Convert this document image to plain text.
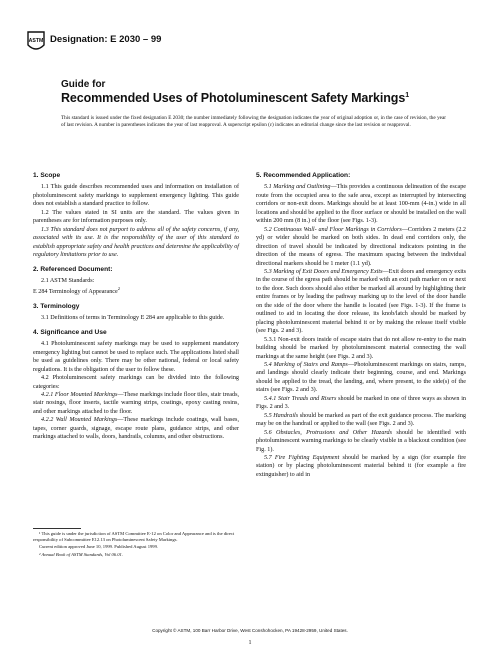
ASTM Designation: E 2030 – 99
Guide for
Recommended Uses of Photoluminescent Safety Markings$^1$
This standard is issued under the fixed designation E 2030; the number immediately following the designation indicates the year of original adoption or, in the case of revision, the year of last revision. A number in parentheses indicates the year of last reapproval. A superscript epsilon (ε) indicates an editorial change since the last revision or reapproval.
1. Scope

1.1 This guide describes recommended uses and information on installation of photoluminescent safety markings to supplement emergency lighting. This guide does not establish a standard practice to follow.

1.2 The values stated in SI units are the standard. The values given in parentheses are for information purposes only.

1.3 This standard does not purport to address all of the safety concerns, if any, associated with its use. It is the responsibility of the user of this standard to establish appropriate safety and health practices and determine the applicability of regulatory limitations prior to use.

2. Referenced Document:

2.1 ASTM Standards:

E 284 Terminology of Appearance$^2$

3. Terminology

3.1 Definitions of terms in Terminology E 284 are applicable to this guide.

4. Significance and Use

4.1 Photoluminescent safety markings may be used to supplement mandatory emergency lighting but cannot be used to replace such. The applications listed shall be used as guidelines only. There may be other national, federal or local safety regulations. It is the obligation of the user to follow these.

4.2 Photoluminescent safety markings can be divided into the following categories:

4.2.1 Floor Mounted Markings—These markings include floor tiles, stair treads, stair nosings, floor inserts, tactile warning strips, coatings, epoxy casting resins, and other markings attached to the floor.

4.2.2 Wall Mounted Markings—These markings include coatings, wall bases, tapes, corner guards, signage, escape route plans, guidance strips, and other markings attached to walls, doors, handrails, columns, and other obstructions.

¹ This guide is under the jurisdiction of ASTM Committee E-12 on Color and Appearance and is the direct responsibility of Subcommittee E12.13 on Photoluminescent Safety Markings.

Current edition approved June 10, 1999. Published August 1999.

² Annual Book of ASTM Standards, Vol 06.01.

5. Recommended Application:

5.1 Marking and Outlining—This provides a continuous delineation of the escape route from the occupied area to the safe area, except as interrupted by intersecting corridors or non-exit doors. Markings should be at least 100-mm (4-in.) wide in all locations and should be applied to the floor surface or should be installed on the wall within 200 mm (8 in.) of the floor (see Figs. 1-3).

5.2 Continuous Wall- and Floor Markings in Corridors—Corridors 2 meters (2.2 yd) or wider should be marked on both sides. In dead end corridors only, the direction of travel should be indicated by directional indicators pointing in the direction of the means of egress. The maximum spacing between the individual directional markers should be 1 meter (1.1 yd).

5.3 Marking of Exit Doors and Emergency Exits—Exit doors and emergency exits in the course of the egress path should be marked with an exit path marker on or next to the door. Such doors should also either be marked all around by highlighting their entire frames or by leading the pathway marking up to the level of the door handle on the side of the door where the handle is located (see Figs. 1-3). If the frame is outlined to aid in locating the door release, its knob/latch should be marked by placing photoluminescent material behind it or by making the release itself visible (see Figs. 2 and 3).

5.3.1 Non-exit doors inside of escape stairs that do not allow re-entry to the main building should be marked by photoluminescent material connecting the wall markings at the same height (see Figs. 2 and 3).

5.4 Marking of Stairs and Ramps—Photoluminescent markings on stairs, ramps, and landings should clearly indicate their beginning, course, and end. Markings should be applied to the tread, the landing, and, where present, to the side(s) of the stairs (see Figs. 2 and 3).

5.4.1 Stair Treads and Risers should be marked in one of three ways as shown in Figs. 2 and 3.

5.5 Handrails should be marked as part of the exit guidance process. The marking may be on the handrail or applied to the wall (see Figs. 2 and 3).

5.6 Obstacles, Protrusions and Other Hazards should be identified with photoluminescent warning markings to be clearly visible in a blackout condition (see Fig. 1).

5.7 Fire Fighting Equipment should be marked by a sign (for example fire station) or by placing photoluminescent material behind it (for example a fire extinguisher) to aid in

Copyright © ASTM, 100 Barr Harbor Drive, West Conshohocken, PA 19428-2959, United States.
1
